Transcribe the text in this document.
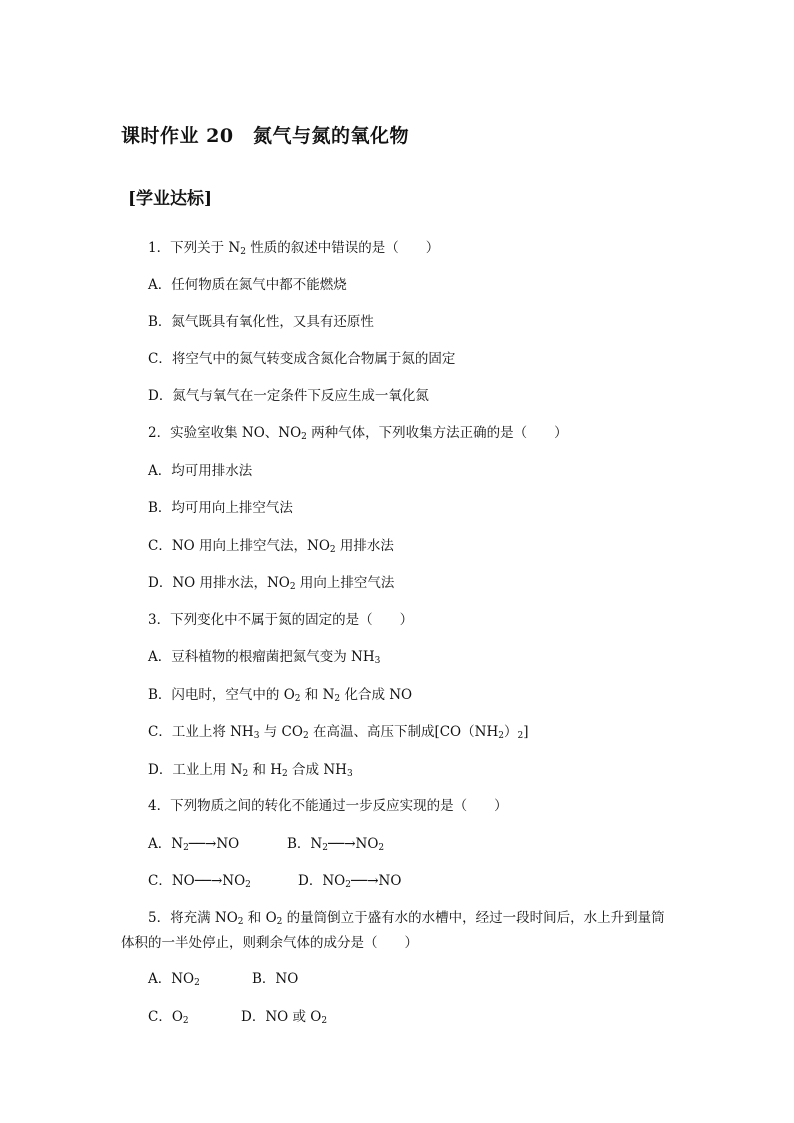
课时作业 20　氮气与氮的氧化物
[学业达标]
1．下列关于 $N_2$ 性质的叙述中错误的是（　　）
A．任何物质在氮气中都不能燃烧
B．氮气既具有氧化性，又具有还原性
C．将空气中的氮气转变成含氮化合物属于氮的固定
D．氮气与氧气在一定条件下反应生成一氧化氮
2．实验室收集 NO、$NO_2$ 两种气体，下列收集方法正确的是（　　）
A．均可用排水法
B．均可用向上排空气法
C．NO 用向上排空气法，$NO_2$ 用排水法
D．NO 用排水法，$NO_2$ 用向上排空气法
3．下列变化中不属于氮的固定的是（　　）
A．豆科植物的根瘤菌把氮气变为 $NH_3$
B．闪电时，空气中的 $O_2$ 和 $N_2$ 化合成 NO
C．工业上将 $NH_3$ 与 $CO_2$ 在高温、高压下制成$[CO(NH_2)_2]$
D．工业上用 $N_2$ 和 $H_2$ 合成 $NH_3$
4．下列物质之间的转化不能通过一步反应实现的是（　　）
A．$N_2──\to NO$	B．$N_2──\to NO_2$
C．$NO──\to NO_2$	D．$NO_2──\to NO$
5．将充满 $NO_2$ 和 $O_2$ 的量筒倒立于盛有水的水槽中，经过一段时间后，水上升到量筒
体积的一半处停止，则剩余气体的成分是（　　）
A．$NO_2$	B．NO
C．$O_2$	D．NO 或 $O_2$
